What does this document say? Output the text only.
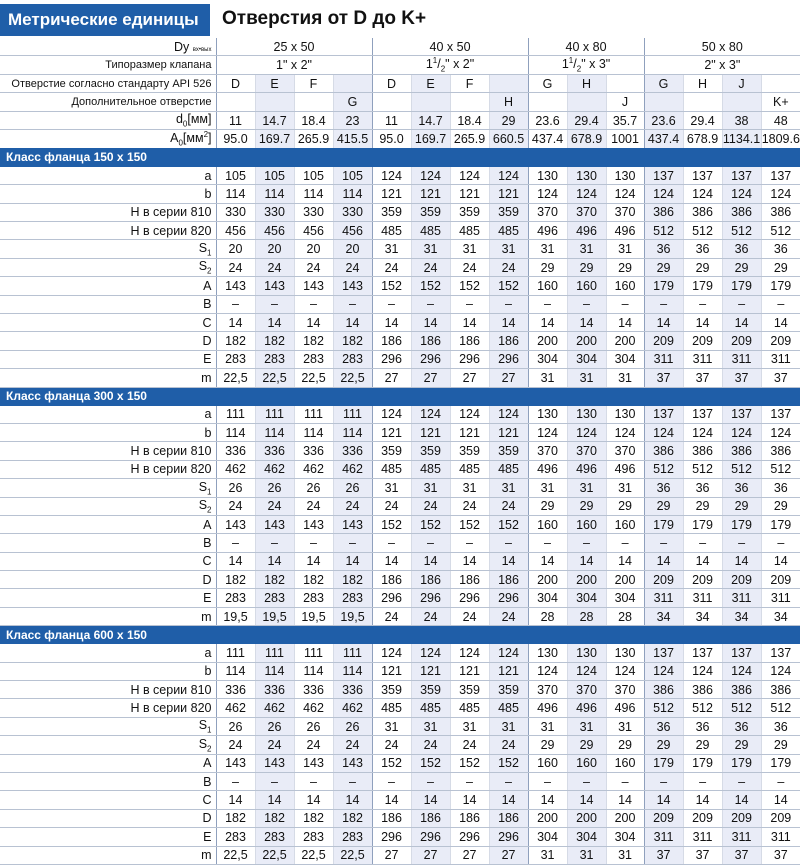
Метрические единицы	Отверстия от D до K+
Dy вх•вых	25 x 50				40 x 50				40 x 80			50 x 80			
Типоразмер клапана	1" x 2"				$1^1/_2$" x 2"				$1^1/_2$" x 3"			2" x 3"			
Отверстие согласно стандарту API 526	D	E	F		D	E	F		G	H		G	H	J	
Дополнительное отверстие				G				H			J				K+
$d_0[мм]$	11	14.7	18.4	23	11	14.7	18.4	29	23.6	29.4	35.7	23.6	29.4	38	48
$A_0[мм^2]$	95.0	169.7	265.9	415.5	95.0	169.7	265.9	660.5	437.4	678.9	1001	437.4	678.9	1134.1	1809.6
Класс фланца 150 x 150															
a	105	105	105	105	124	124	124	124	130	130	130	137	137	137	137
b	114	114	114	114	121	121	121	121	124	124	124	124	124	124	124
H в серии 810	330	330	330	330	359	359	359	359	370	370	370	386	386	386	386
H в серии 820	456	456	456	456	485	485	485	485	496	496	496	512	512	512	512
$S_1$	20	20	20	20	31	31	31	31	31	31	31	36	36	36	36
$S_2$	24	24	24	24	24	24	24	24	29	29	29	29	29	29	29
A	143	143	143	143	152	152	152	152	160	160	160	179	179	179	179
B	–	–	–	–	–	–	–	–	–	–	–	–	–	–	–
C	14	14	14	14	14	14	14	14	14	14	14	14	14	14	14
D	182	182	182	182	186	186	186	186	200	200	200	209	209	209	209
E	283	283	283	283	296	296	296	296	304	304	304	311	311	311	311
m	22,5	22,5	22,5	22,5	27	27	27	27	31	31	31	37	37	37	37
Класс фланца 300 x 150															
a	111	111	111	111	124	124	124	124	130	130	130	137	137	137	137
b	114	114	114	114	121	121	121	121	124	124	124	124	124	124	124
H в серии 810	336	336	336	336	359	359	359	359	370	370	370	386	386	386	386
H в серии 820	462	462	462	462	485	485	485	485	496	496	496	512	512	512	512
$S_1$	26	26	26	26	31	31	31	31	31	31	31	36	36	36	36
$S_2$	24	24	24	24	24	24	24	24	29	29	29	29	29	29	29
A	143	143	143	143	152	152	152	152	160	160	160	179	179	179	179
B	–	–	–	–	–	–	–	–	–	–	–	–	–	–	–
C	14	14	14	14	14	14	14	14	14	14	14	14	14	14	14
D	182	182	182	182	186	186	186	186	200	200	200	209	209	209	209
E	283	283	283	283	296	296	296	296	304	304	304	311	311	311	311
m	19,5	19,5	19,5	19,5	24	24	24	24	28	28	28	34	34	34	34
Класс фланца 600 x 150															
a	111	111	111	111	124	124	124	124	130	130	130	137	137	137	137
b	114	114	114	114	121	121	121	121	124	124	124	124	124	124	124
H в серии 810	336	336	336	336	359	359	359	359	370	370	370	386	386	386	386
H в серии 820	462	462	462	462	485	485	485	485	496	496	496	512	512	512	512
$S_1$	26	26	26	26	31	31	31	31	31	31	31	36	36	36	36
$S_2$	24	24	24	24	24	24	24	24	29	29	29	29	29	29	29
A	143	143	143	143	152	152	152	152	160	160	160	179	179	179	179
B	–	–	–	–	–	–	–	–	–	–	–	–	–	–	–
C	14	14	14	14	14	14	14	14	14	14	14	14	14	14	14
D	182	182	182	182	186	186	186	186	200	200	200	209	209	209	209
E	283	283	283	283	296	296	296	296	304	304	304	311	311	311	311
m	22,5	22,5	22,5	22,5	27	27	27	27	31	31	31	37	37	37	37
